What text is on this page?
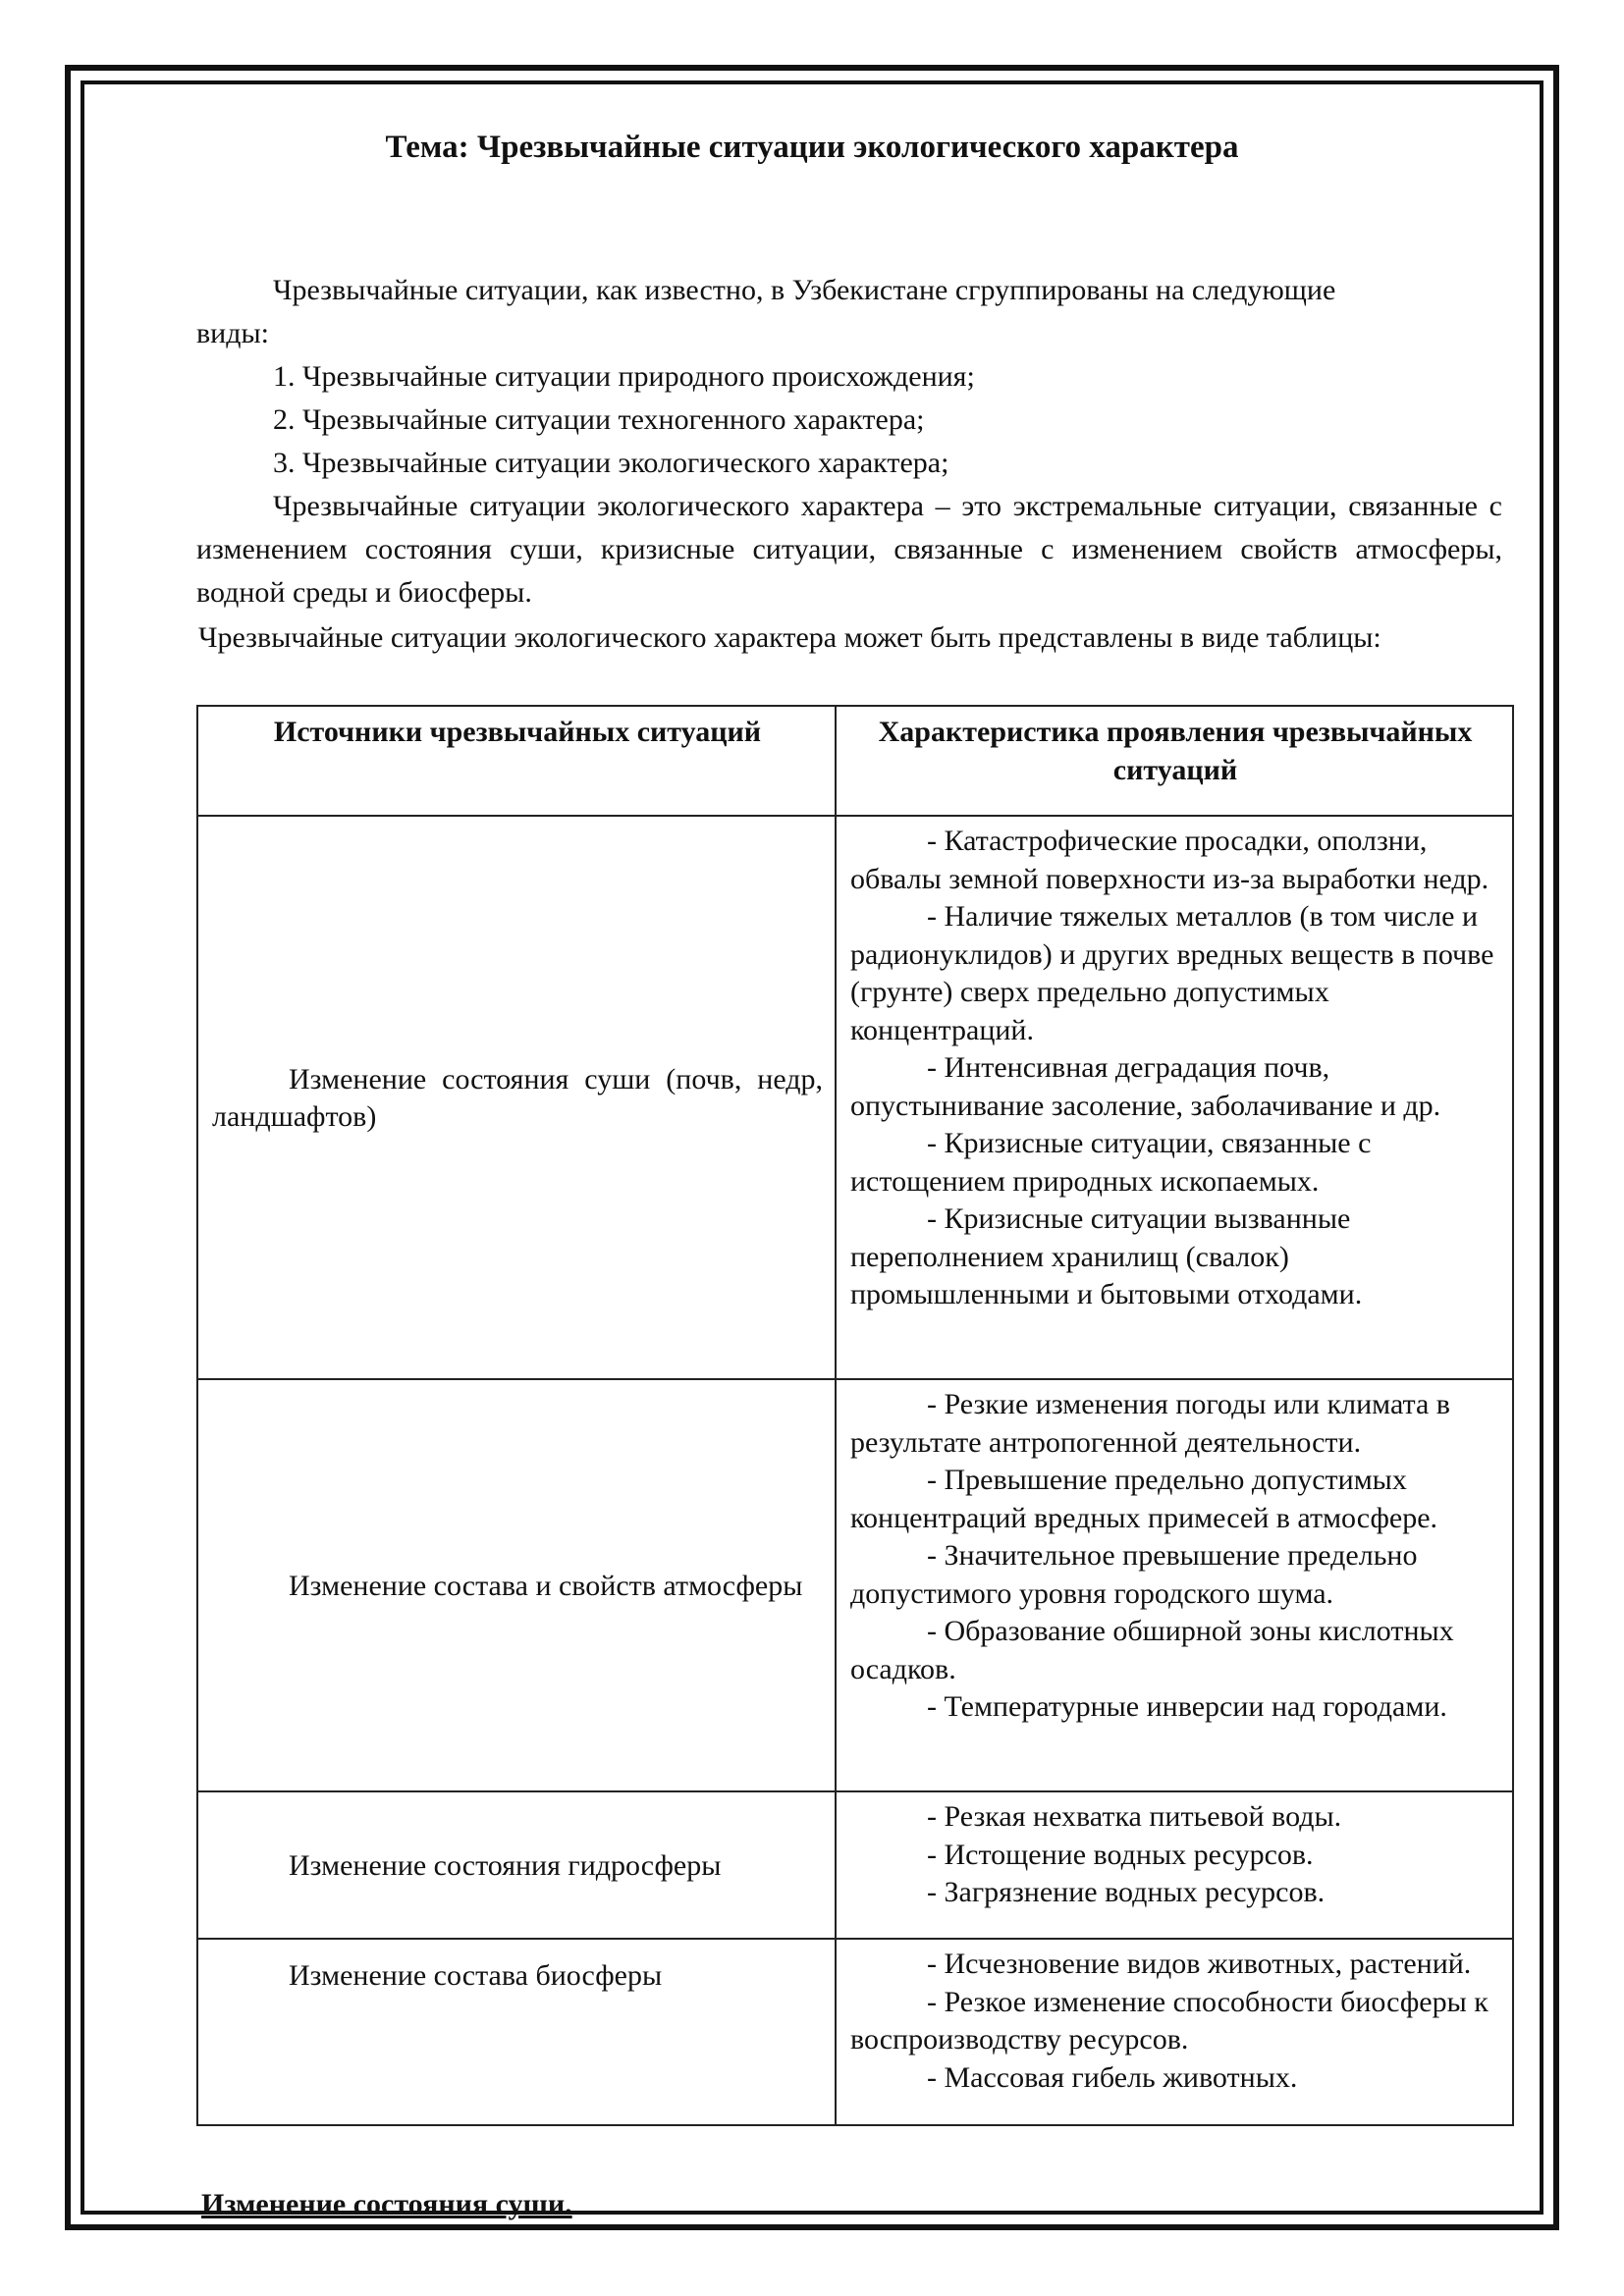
Тема: Чрезвычайные ситуации экологического характера

Чрезвычайные ситуации, как известно, в Узбекистане сгруппированы на следующие

виды:

1. Чрезвычайные ситуации природного происхождения;

2. Чрезвычайные ситуации техногенного характера;

3. Чрезвычайные ситуации экологического характера;

Чрезвычайные ситуации экологического характера – это экстремальные ситуации, связанные с изменением состояния суши, кризисные ситуации, связанные с изменением свойств атмосферы, водной среды и биосферы.

Чрезвычайные ситуации экологического характера может быть представлены в виде таблицы:

Источники чрезвычайных ситуаций	Характеристика проявления чрезвычайных ситуаций

Изменение состояния суши (почв, недр, ландшафтов)	- Катастрофические просадки, оползни, обвалы земной поверхности из-за выработки недр.
- Наличие тяжелых металлов (в том числе и радионуклидов) и других вредных веществ в почве (грунте) сверх предельно допустимых концентраций.
- Интенсивная деградация почв, опустынивание засоление, заболачивание и др.
- Кризисные ситуации, связанные с истощением природных ископаемых.
- Кризисные ситуации вызванные переполнением хранилищ (свалок) промышленными и бытовыми отходами.

Изменение состава и свойств атмосферы	- Резкие изменения погоды или климата в результате антропогенной деятельности.
- Превышение предельно допустимых концентраций вредных примесей в атмосфере.
- Значительное превышение предельно допустимого уровня городского шума.
- Образование обширной зоны кислотных осадков.
- Температурные инверсии над городами.

Изменение состояния гидросферы	- Резкая нехватка питьевой воды.
- Истощение водных ресурсов.
- Загрязнение водных ресурсов.

Изменение состава биосферы	- Исчезновение видов животных, растений.
- Резкое изменение способности биосферы к воспроизводству ресурсов.
- Массовая гибель животных.
Изменение состояния суши.
